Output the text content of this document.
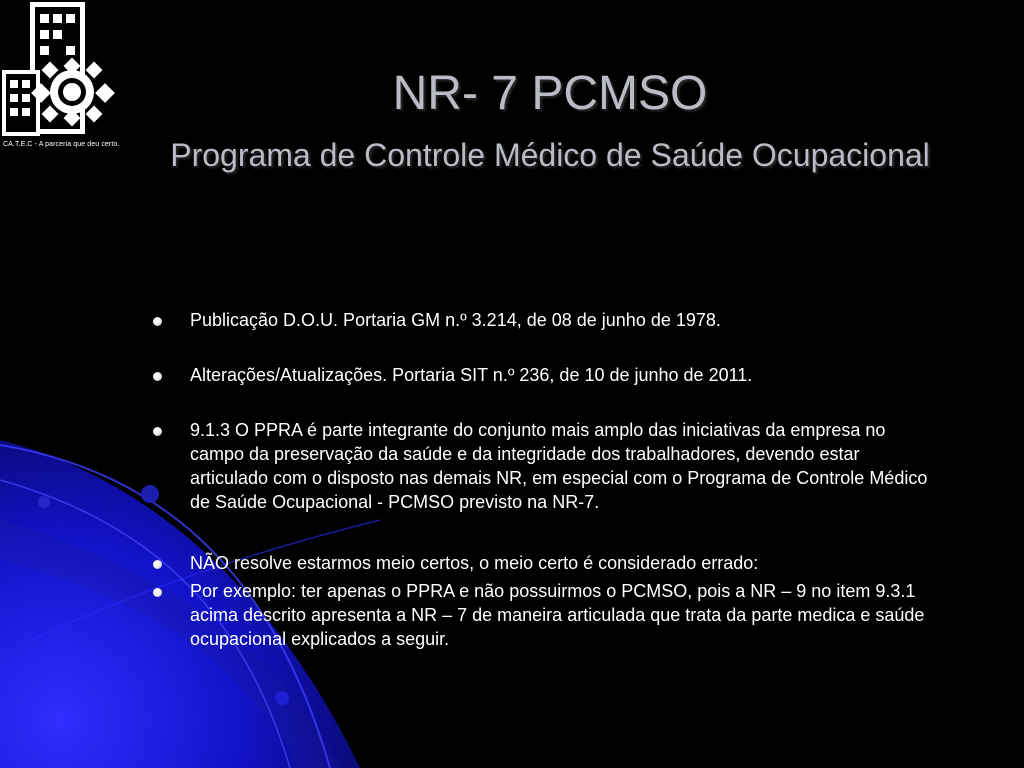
CA.T.E.C - A parceria que deu certo.
NR- 7 PCMSO
Programa de Controle Médico de Saúde Ocupacional
Publicação D.O.U. Portaria GM n.º 3.214, de 08 de junho de 1978.
Alterações/Atualizações. Portaria SIT n.º 236, de 10 de junho de 2011.
9.1.3 O PPRA é parte integrante do conjunto mais amplo das iniciativas da empresa no campo da preservação da saúde e da integridade dos trabalhadores, devendo estar articulado com o disposto nas demais NR, em especial com o Programa de Controle Médico de Saúde Ocupacional - PCMSO previsto na NR-7.
NÃO resolve estarmos meio certos, o meio certo é considerado errado:
Por exemplo: ter apenas o PPRA e não possuirmos o PCMSO, pois a NR – 9 no item 9.3.1 acima descrito apresenta a NR – 7 de maneira articulada que trata da parte medica e saúde ocupacional explicados a seguir.
